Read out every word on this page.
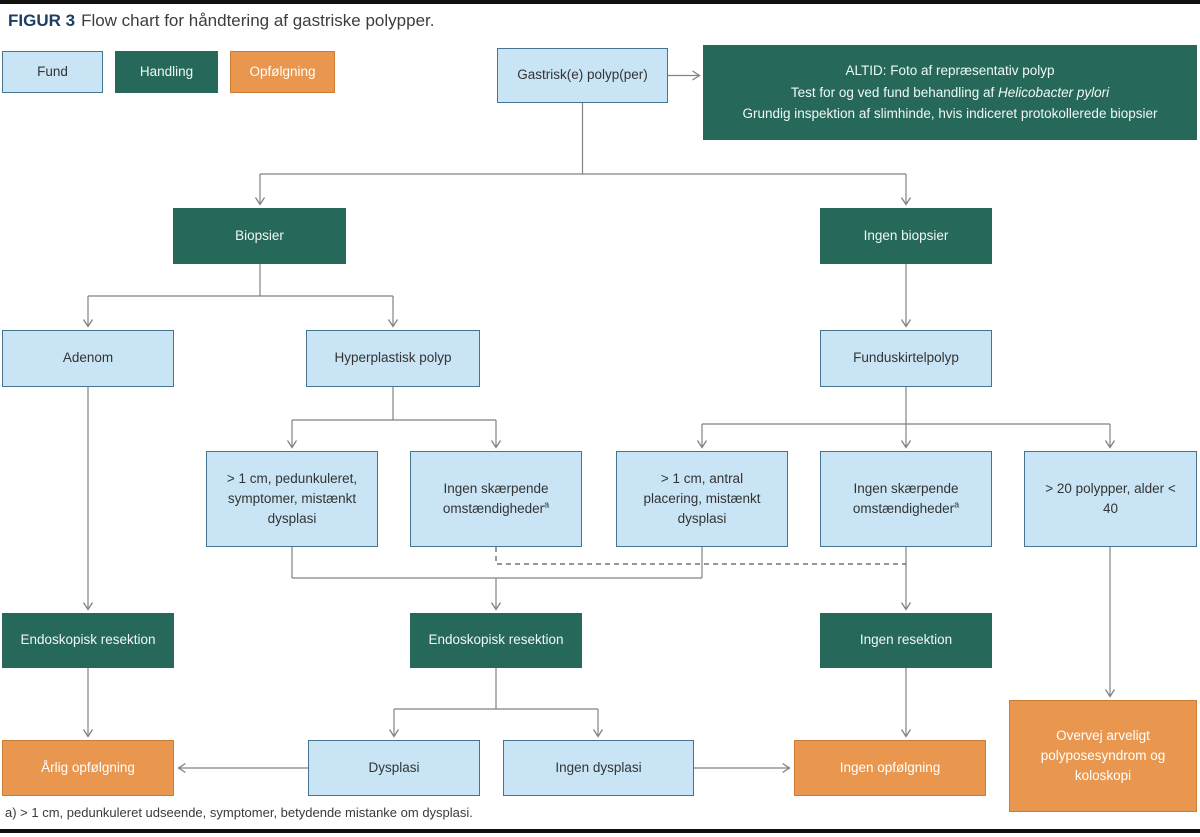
FIGUR 3 Flow chart for håndtering af gastriske polypper.
Fund	Handling	Opfølgning	Gastrisk(e) polyp(per)	ALTID: Foto af repræsentativ polyp
Test for og ved fund behandling af Helicobacter pylori
Grundig inspektion af slimhinde, hvis indiceret protokollerede biopsier
Biopsier	Ingen biopsier
Adenom	Hyperplastisk polyp	Funduskirtelpolyp
> 1 cm, pedunkuleret, symptomer, mistænkt dysplasi
Ingen skærpende omstændigheder$^a$
> 1 cm, antral placering, mistænkt dysplasi
Ingen skærpende omstændigheder$^a$
> 20 polypper, alder < 40
Endoskopisk resektion	Endoskopisk resektion	Ingen resektion
Årlig opfølgning	Dysplasi	Ingen dysplasi	Ingen opfølgning
Overvej arveligt polyposesyndrom og koloskopi
a) > 1 cm, pedunkuleret udseende, symptomer, betydende mistanke om dysplasi.
